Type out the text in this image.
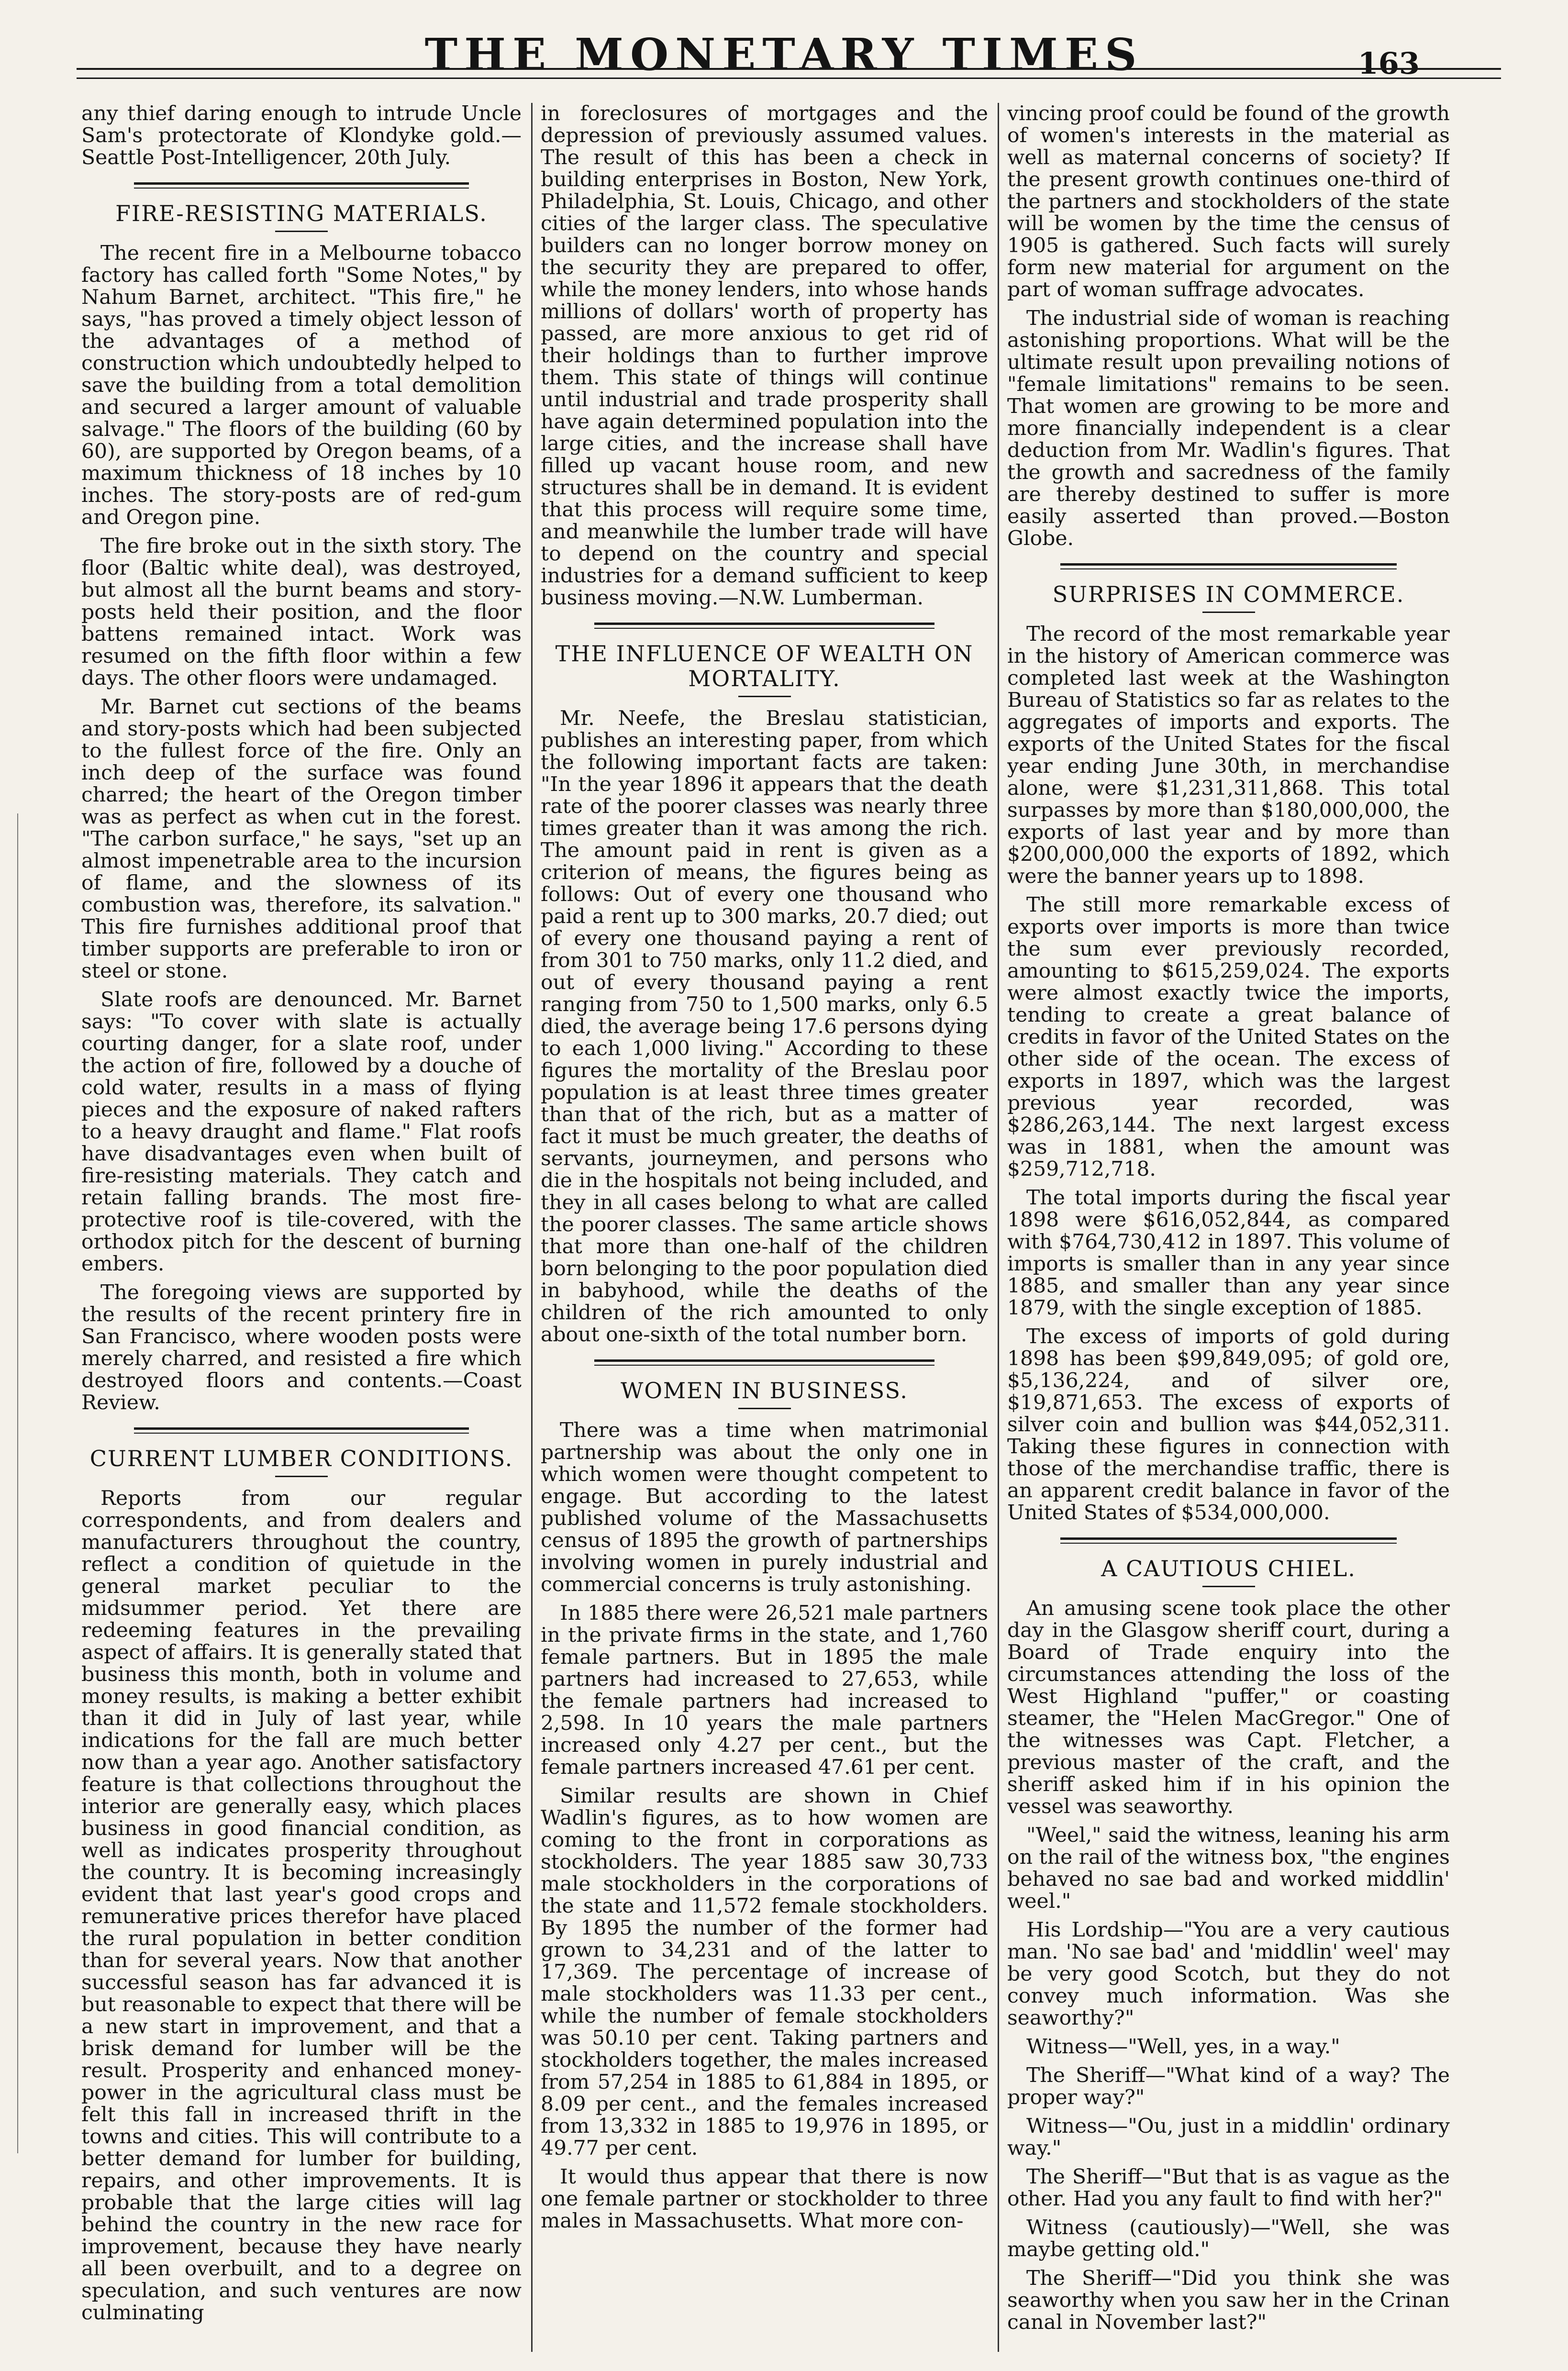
THE MONETARY TIMES	163

any thief daring enough to intrude Uncle Sam's protectorate of Klondyke gold.—Seattle Post-Intelligencer, 20th July.

FIRE-RESISTING MATERIALS.

The recent fire in a Melbourne tobacco factory has called forth "Some Notes," by Nahum Barnet, architect. "This fire," he says, "has proved a timely object lesson of the advantages of a method of construction which undoubtedly helped to save the building from a total demolition and secured a larger amount of valuable salvage." The floors of the building (60 by 60), are supported by Oregon beams, of a maximum thickness of 18 inches by 10 inches. The story-posts are of red-gum and Oregon pine.

The fire broke out in the sixth story. The floor (Baltic white deal), was destroyed, but almost all the burnt beams and story-posts held their position, and the floor battens remained intact. Work was resumed on the fifth floor within a few days. The other floors were undamaged.

Mr. Barnet cut sections of the beams and story-posts which had been subjected to the fullest force of the fire. Only an inch deep of the surface was found charred; the heart of the Oregon timber was as perfect as when cut in the forest. "The carbon surface," he says, "set up an almost impenetrable area to the incursion of flame, and the slowness of its combustion was, therefore, its salvation." This fire furnishes additional proof that timber supports are preferable to iron or steel or stone.

Slate roofs are denounced. Mr. Barnet says: "To cover with slate is actually courting danger, for a slate roof, under the action of fire, followed by a douche of cold water, results in a mass of flying pieces and the exposure of naked rafters to a heavy draught and flame." Flat roofs have disadvantages even when built of fire-resisting materials. They catch and retain falling brands. The most fire-protective roof is tile-covered, with the orthodox pitch for the descent of burning embers.

The foregoing views are supported by the results of the recent printery fire in San Francisco, where wooden posts were merely charred, and resisted a fire which destroyed floors and contents.—Coast Review.

CURRENT LUMBER CONDITIONS.

Reports from our regular correspondents, and from dealers and manufacturers throughout the country, reflect a condition of quietude in the general market peculiar to the midsummer period. Yet there are redeeming features in the prevailing aspect of affairs. It is generally stated that business this month, both in volume and money results, is making a better exhibit than it did in July of last year, while indications for the fall are much better now than a year ago. Another satisfactory feature is that collections throughout the interior are generally easy, which places business in good financial condition, as well as indicates prosperity throughout the country. It is becoming increasingly evident that last year's good crops and remunerative prices therefor have placed the rural population in better condition than for several years. Now that another successful season has far advanced it is but reasonable to expect that there will be a new start in improvement, and that a brisk demand for lumber will be the result. Prosperity and enhanced money-power in the agricultural class must be felt this fall in increased thrift in the towns and cities. This will contribute to a better demand for lumber for building, repairs, and other improvements. It is probable that the large cities will lag behind the country in the new race for improvement, because they have nearly all been overbuilt, and to a degree on speculation, and such ventures are now culminating

in foreclosures of mortgages and the depression of previously assumed values. The result of this has been a check in building enterprises in Boston, New York, Philadelphia, St. Louis, Chicago, and other cities of the larger class. The speculative builders can no longer borrow money on the security they are prepared to offer, while the money lenders, into whose hands millions of dollars' worth of property has passed, are more anxious to get rid of their holdings than to further improve them. This state of things will continue until industrial and trade prosperity shall have again determined population into the large cities, and the increase shall have filled up vacant house room, and new structures shall be in demand. It is evident that this process will require some time, and meanwhile the lumber trade will have to depend on the country and special industries for a demand sufficient to keep business moving.—N.W. Lumberman.

THE INFLUENCE OF WEALTH ON MORTALITY.

Mr. Neefe, the Breslau statistician, publishes an interesting paper, from which the following important facts are taken: "In the year 1896 it appears that the death rate of the poorer classes was nearly three times greater than it was among the rich. The amount paid in rent is given as a criterion of means, the figures being as follows: Out of every one thousand who paid a rent up to 300 marks, 20.7 died; out of every one thousand paying a rent of from 301 to 750 marks, only 11.2 died, and out of every thousand paying a rent ranging from 750 to 1,500 marks, only 6.5 died, the average being 17.6 persons dying to each 1,000 living." According to these figures the mortality of the Breslau poor population is at least three times greater than that of the rich, but as a matter of fact it must be much greater, the deaths of servants, journeymen, and persons who die in the hospitals not being included, and they in all cases belong to what are called the poorer classes. The same article shows that more than one-half of the children born belonging to the poor population died in babyhood, while the deaths of the children of the rich amounted to only about one-sixth of the total number born.

WOMEN IN BUSINESS.

There was a time when matrimonial partnership was about the only one in which women were thought competent to engage. But according to the latest published volume of the Massachusetts census of 1895 the growth of partnerships involving women in purely industrial and commercial concerns is truly astonishing.

In 1885 there were 26,521 male partners in the private firms in the state, and 1,760 female partners. But in 1895 the male partners had increased to 27,653, while the female partners had increased to 2,598. In 10 years the male partners increased only 4.27 per cent., but the female partners increased 47.61 per cent.

Similar results are shown in Chief Wadlin's figures, as to how women are coming to the front in corporations as stockholders. The year 1885 saw 30,733 male stockholders in the corporations of the state and 11,572 female stockholders. By 1895 the number of the former had grown to 34,231 and of the latter to 17,369. The percentage of increase of male stockholders was 11.33 per cent., while the number of female stockholders was 50.10 per cent. Taking partners and stockholders together, the males increased from 57,254 in 1885 to 61,884 in 1895, or 8.09 per cent., and the females increased from 13,332 in 1885 to 19,976 in 1895, or 49.77 per cent.

It would thus appear that there is now one female partner or stockholder to three males in Massachusetts. What more con-

vincing proof could be found of the growth of women's interests in the material as well as maternal concerns of society? If the present growth continues one-third of the partners and stockholders of the state will be women by the time the census of 1905 is gathered. Such facts will surely form new material for argument on the part of woman suffrage advocates.

The industrial side of woman is reaching astonishing proportions. What will be the ultimate result upon prevailing notions of "female limitations" remains to be seen. That women are growing to be more and more financially independent is a clear deduction from Mr. Wadlin's figures. That the growth and sacredness of the family are thereby destined to suffer is more easily asserted than proved.—Boston Globe.

SURPRISES IN COMMERCE.

The record of the most remarkable year in the history of American commerce was completed last week at the Washington Bureau of Statistics so far as relates to the aggregates of imports and exports. The exports of the United States for the fiscal year ending June 30th, in merchandise alone, were $1,231,311,868. This total surpasses by more than $180,000,000, the exports of last year and by more than $200,000,000 the exports of 1892, which were the banner years up to 1898.

The still more remarkable excess of exports over imports is more than twice the sum ever previously recorded, amounting to $615,259,024. The exports were almost exactly twice the imports, tending to create a great balance of credits in favor of the United States on the other side of the ocean. The excess of exports in 1897, which was the largest previous year recorded, was $286,263,144. The next largest excess was in 1881, when the amount was $259,712,718.

The total imports during the fiscal year 1898 were $616,052,844, as compared with $764,730,412 in 1897. This volume of imports is smaller than in any year since 1885, and smaller than any year since 1879, with the single exception of 1885.

The excess of imports of gold during 1898 has been $99,849,095; of gold ore, $5,136,224, and of silver ore, $19,871,653. The excess of exports of silver coin and bullion was $44,052,311. Taking these figures in connection with those of the merchandise traffic, there is an apparent credit balance in favor of the United States of $534,000,000.

A CAUTIOUS CHIEL.

An amusing scene took place the other day in the Glasgow sheriff court, during a Board of Trade enquiry into the circumstances attending the loss of the West Highland "puffer," or coasting steamer, the "Helen MacGregor." One of the witnesses was Capt. Fletcher, a previous master of the craft, and the sheriff asked him if in his opinion the vessel was seaworthy.

"Weel," said the witness, leaning his arm on the rail of the witness box, "the engines behaved no sae bad and worked middlin' weel."

His Lordship—"You are a very cautious man. 'No sae bad' and 'middlin' weel' may be very good Scotch, but they do not convey much information. Was she seaworthy?"

Witness—"Well, yes, in a way."

The Sheriff—"What kind of a way? The proper way?"

Witness—"Ou, just in a middlin' ordinary way."

The Sheriff—"But that is as vague as the other. Had you any fault to find with her?"

Witness (cautiously)—"Well, she was maybe getting old."

The Sheriff—"Did you think she was seaworthy when you saw her in the Crinan canal in November last?"
